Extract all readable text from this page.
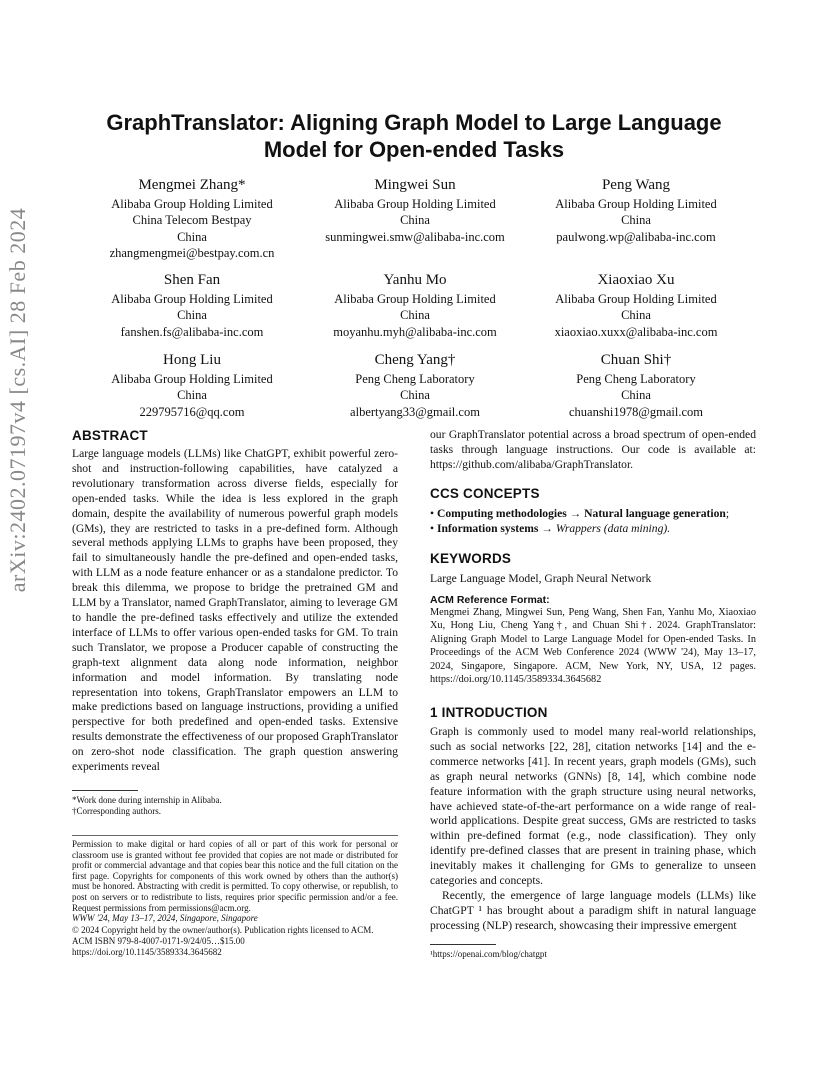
arXiv:2402.07197v4 [cs.AI] 28 Feb 2024
GraphTranslator: Aligning Graph Model to Large Language Model for Open-ended Tasks
Mengmei Zhang*
Alibaba Group Holding Limited
China Telecom Bestpay
China
zhangmengmei@bestpay.com.cn
Mingwei Sun
Alibaba Group Holding Limited
China
sunmingwei.smw@alibaba-inc.com
Peng Wang
Alibaba Group Holding Limited
China
paulwong.wp@alibaba-inc.com
Shen Fan
Alibaba Group Holding Limited
China
fanshen.fs@alibaba-inc.com
Yanhu Mo
Alibaba Group Holding Limited
China
moyanhu.myh@alibaba-inc.com
Xiaoxiao Xu
Alibaba Group Holding Limited
China
xiaoxiao.xuxx@alibaba-inc.com
Hong Liu
Alibaba Group Holding Limited
China
229795716@qq.com
Cheng Yang†
Peng Cheng Laboratory
China
albertyang33@gmail.com
Chuan Shi†
Peng Cheng Laboratory
China
chuanshi1978@gmail.com
ABSTRACT
Large language models (LLMs) like ChatGPT, exhibit powerful zero-shot and instruction-following capabilities, have catalyzed a revolutionary transformation across diverse fields, especially for open-ended tasks. While the idea is less explored in the graph domain, despite the availability of numerous powerful graph models (GMs), they are restricted to tasks in a pre-defined form. Although several methods applying LLMs to graphs have been proposed, they fail to simultaneously handle the pre-defined and open-ended tasks, with LLM as a node feature enhancer or as a standalone predictor. To break this dilemma, we propose to bridge the pretrained GM and LLM by a Translator, named GraphTranslator, aiming to leverage GM to handle the pre-defined tasks effectively and utilize the extended interface of LLMs to offer various open-ended tasks for GM. To train such Translator, we propose a Producer capable of constructing the graph-text alignment data along node information, neighbor information and model information. By translating node representation into tokens, GraphTranslator empowers an LLM to make predictions based on language instructions, providing a unified perspective for both predefined and open-ended tasks. Extensive results demonstrate the effectiveness of our proposed GraphTranslator on zero-shot node classification. The graph question answering experiments reveal
*Work done during internship in Alibaba.
†Corresponding authors.
Permission to make digital or hard copies of all or part of this work for personal or classroom use is granted without fee provided that copies are not made or distributed for profit or commercial advantage and that copies bear this notice and the full citation on the first page. Copyrights for components of this work owned by others than the author(s) must be honored. Abstracting with credit is permitted. To copy otherwise, or republish, to post on servers or to redistribute to lists, requires prior specific permission and/or a fee. Request permissions from permissions@acm.org.
WWW '24, May 13–17, 2024, Singapore, Singapore
© 2024 Copyright held by the owner/author(s). Publication rights licensed to ACM.
ACM ISBN 979-8-4007-0171-9/24/05…$15.00
https://doi.org/10.1145/3589334.3645682
our GraphTranslator potential across a broad spectrum of open-ended tasks through language instructions. Our code is available at: https://github.com/alibaba/GraphTranslator.
CCS CONCEPTS
• Computing methodologies → Natural language generation;
• Information systems → Wrappers (data mining).
KEYWORDS
Large Language Model, Graph Neural Network
ACM Reference Format:
Mengmei Zhang, Mingwei Sun, Peng Wang, Shen Fan, Yanhu Mo, Xiaoxiao Xu, Hong Liu, Cheng Yang†, and Chuan Shi†. 2024. GraphTranslator: Aligning Graph Model to Large Language Model for Open-ended Tasks. In Proceedings of the ACM Web Conference 2024 (WWW '24), May 13–17, 2024, Singapore, Singapore. ACM, New York, NY, USA, 12 pages. https://doi.org/10.1145/3589334.3645682
1 INTRODUCTION
Graph is commonly used to model many real-world relationships, such as social networks [22, 28], citation networks [14] and the e-commerce networks [41]. In recent years, graph models (GMs), such as graph neural networks (GNNs) [8, 14], which combine node feature information with the graph structure using neural networks, have achieved state-of-the-art performance on a wide range of real-world applications. Despite great success, GMs are restricted to tasks within pre-defined format (e.g., node classification). They only identify pre-defined classes that are present in training phase, which inevitably makes it challenging for GMs to generalize to unseen categories and concepts.
Recently, the emergence of large language models (LLMs) like ChatGPT ¹ has brought about a paradigm shift in natural language processing (NLP) research, showcasing their impressive emergent
¹https://openai.com/blog/chatgpt
